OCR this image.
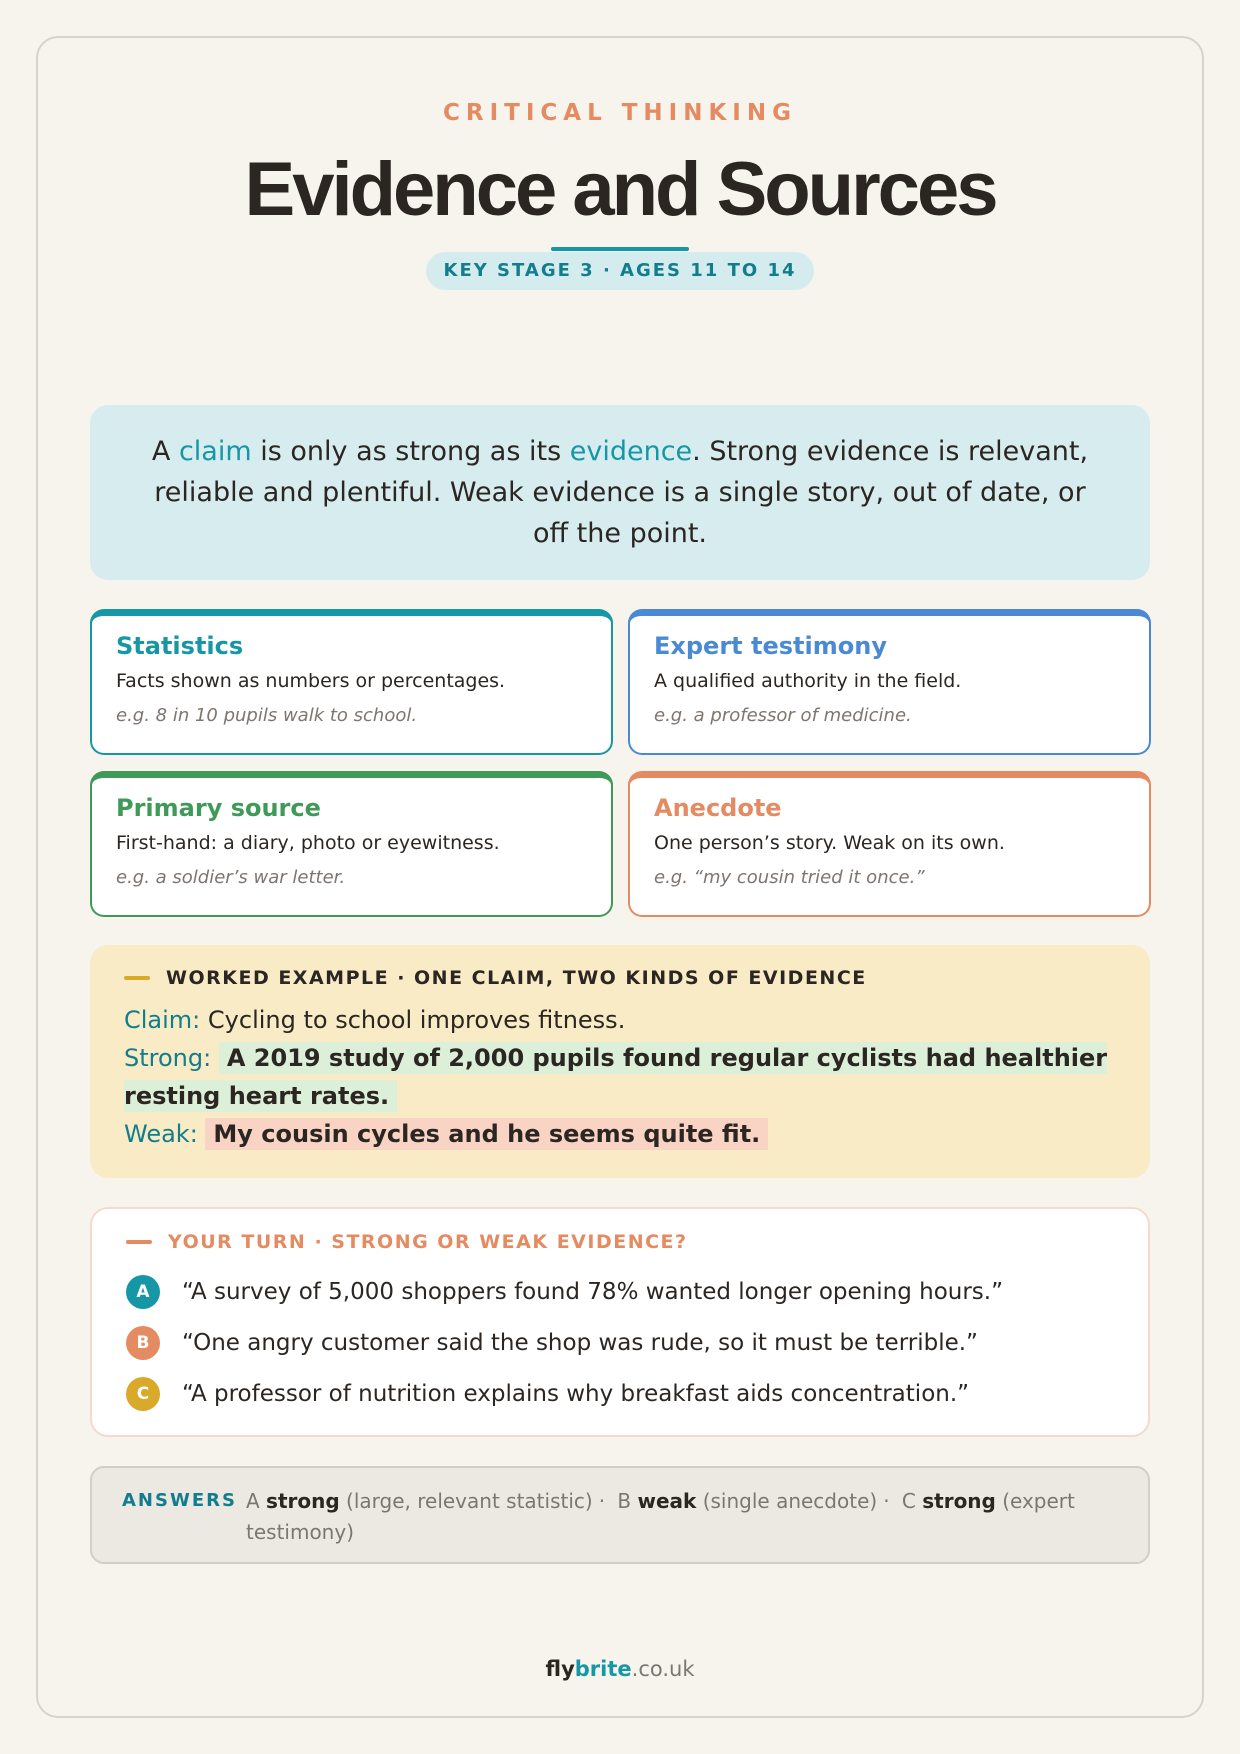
CRITICAL THINKING
Evidence and Sources
KEY STAGE 3 · AGES 11 TO 14
A claim is only as strong as its evidence. Strong evidence is relevant, reliable and plentiful. Weak evidence is a single story, out of date, or off the point.
Statistics
Facts shown as numbers or percentages.
e.g. 8 in 10 pupils walk to school.
Expert testimony
A qualified authority in the field.
e.g. a professor of medicine.
Primary source
First-hand: a diary, photo or eyewitness.
e.g. a soldier’s war letter.
Anecdote
One person’s story. Weak on its own.
e.g. “my cousin tried it once.”
WORKED EXAMPLE · ONE CLAIM, TWO KINDS OF EVIDENCE
Claim: Cycling to school improves fitness.
Strong: A 2019 study of 2,000 pupils found regular cyclists had healthier resting heart rates.
Weak: My cousin cycles and he seems quite fit.
YOUR TURN · STRONG OR WEAK EVIDENCE?
A	“A survey of 5,000 shoppers found 78% wanted longer opening hours.”
B	“One angry customer said the shop was rude, so it must be terrible.”
C	“A professor of nutrition explains why breakfast aids concentration.”
ANSWERS A strong (large, relevant statistic) · B weak (single anecdote) · C strong (expert testimony)
flybrite.co.uk
